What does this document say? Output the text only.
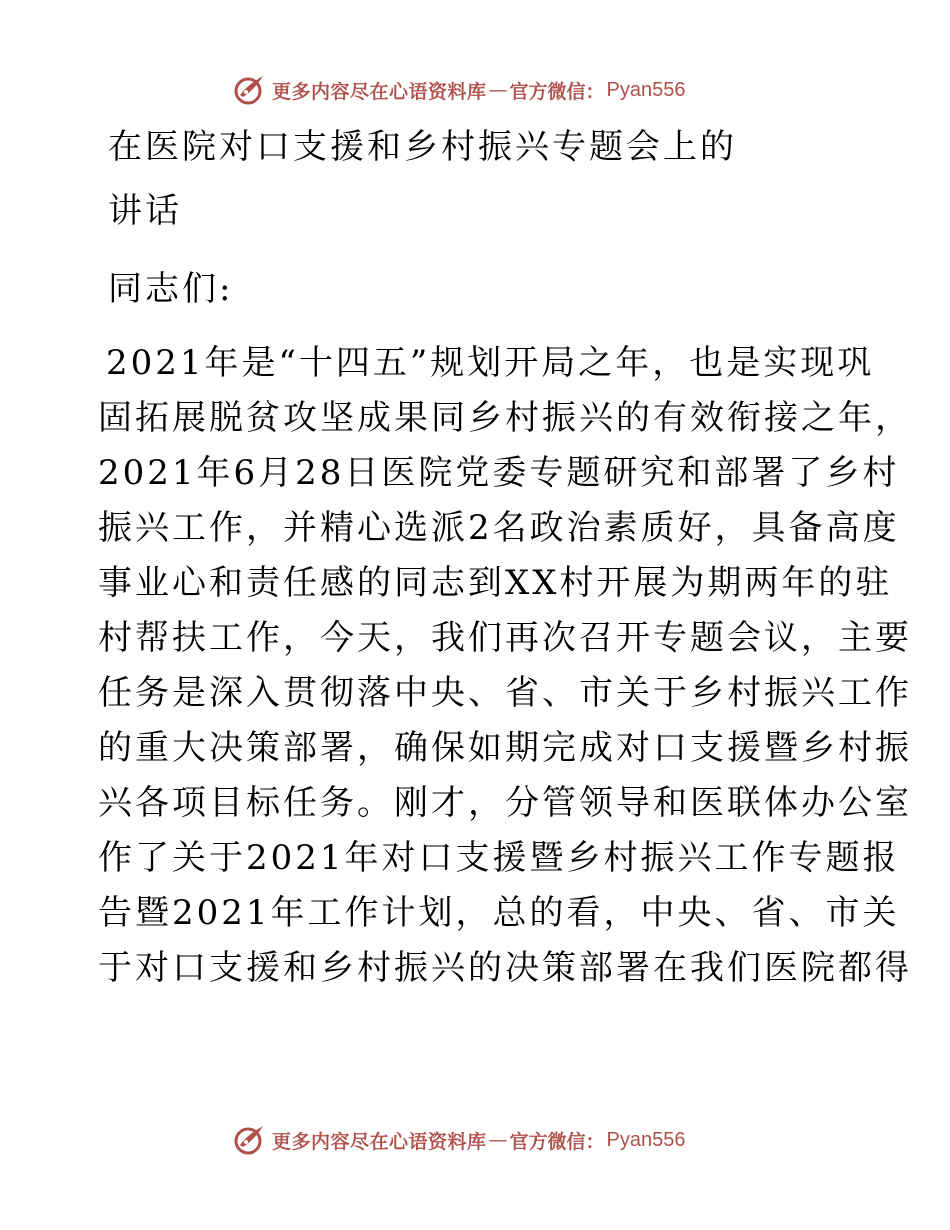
更多内容尽在心语资料库 — 官方微信： Pyan556
在医院对口支援和乡村振兴专题会上的
讲话
同志们:
2021年是“十四五”规划开局之年，也是实现巩
固拓展脱贫攻坚成果同乡村振兴的有效衔接之年，
2021年6月28日医院党委专题研究和部署了乡村
振兴工作，并精心选派2名政治素质好，具备高度
事业心和责任感的同志到XX村开展为期两年的驻
村帮扶工作，今天，我们再次召开专题会议，主要
任务是深入贯彻落中央、省、市关于乡村振兴工作
的重大决策部署，确保如期完成对口支援暨乡村振
兴各项目标任务。刚才，分管领导和医联体办公室
作了关于2021年对口支援暨乡村振兴工作专题报
告暨2021年工作计划，总的看，中央、省、市关
于对口支援和乡村振兴的决策部署在我们医院都得
更多内容尽在心语资料库 — 官方微信： Pyan556
